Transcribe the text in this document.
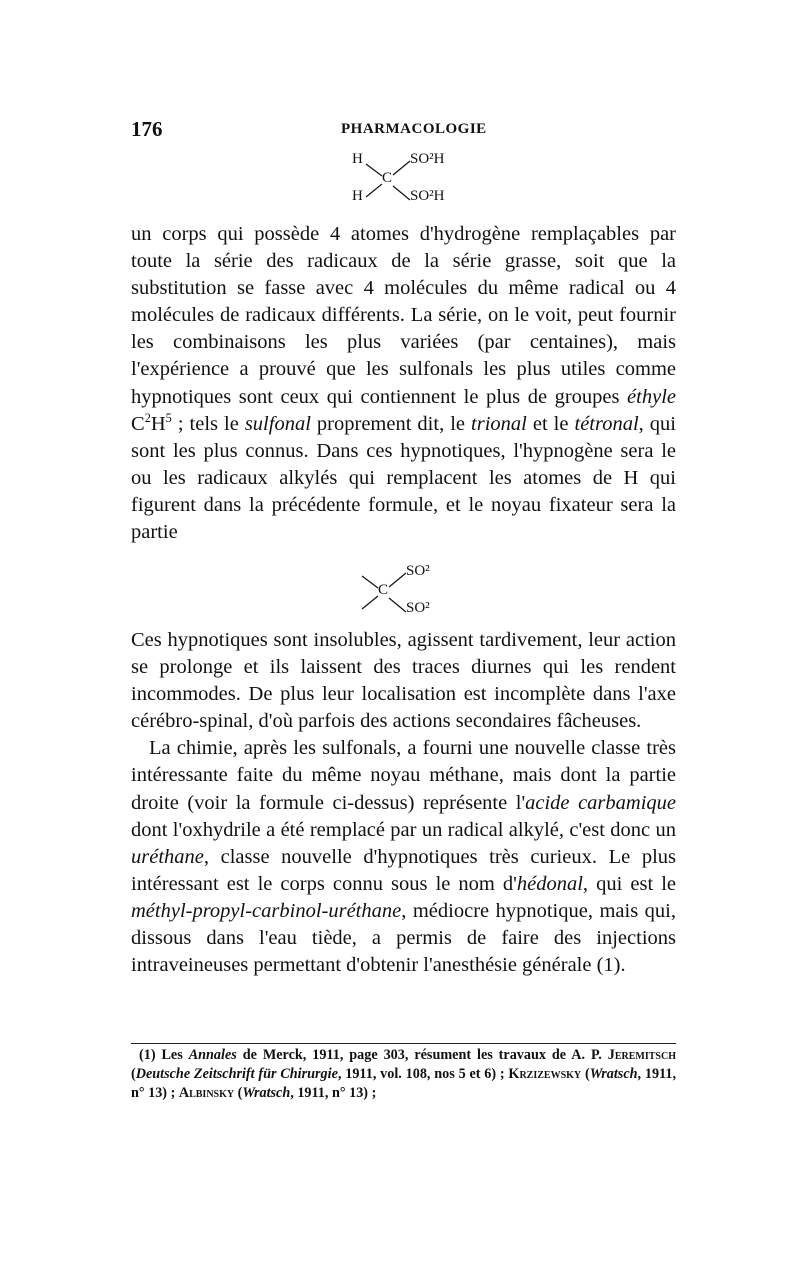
176	PHARMACOLOGIE
H
H
C
SO²H
SO²H

un corps qui possède 4 atomes d'hydrogène remplaçables par toute la série des radicaux de la série grasse, soit que la substitution se fasse avec 4 molécules du même radical ou 4 molécules de radicaux différents. La série, on le voit, peut fournir les combinaisons les plus variées (par centaines), mais l'expérience a prouvé que les sulfonals les plus utiles comme hypnotiques sont ceux qui contiennent le plus de groupes éthyle $C^2H^5$ ; tels le sulfonal proprement dit, le trional et le tétronal, qui sont les plus connus. Dans ces hypnotiques, l'hypnogène sera le ou les radicaux alkylés qui remplacent les atomes de H qui figurent dans la précédente formule, et le noyau fixateur sera la partie

C
SO²
SO²

Ces hypnotiques sont insolubles, agissent tardivement, leur action se prolonge et ils laissent des traces diurnes qui les rendent incommodes. De plus leur localisation est incomplète dans l'axe cérébro-spinal, d'où parfois des actions secondaires fâcheuses.

La chimie, après les sulfonals, a fourni une nouvelle classe très intéressante faite du même noyau méthane, mais dont la partie droite (voir la formule ci-dessus) représente l'acide carbamique dont l'oxhydrile a été remplacé par un radical alkylé, c'est donc un uréthane, classe nouvelle d'hypnotiques très curieux. Le plus intéressant est le corps connu sous le nom d'hédonal, qui est le méthyl-propyl-carbinol-uréthane, médiocre hypnotique, mais qui, dissous dans l'eau tiède, a permis de faire des injections intraveineuses permettant d'obtenir l'anesthésie générale (1).

(1) Les Annales de Merck, 1911, page 303, résument les travaux de A. P. Jeremitsch (Deutsche Zeitschrift für Chirurgie, 1911, vol. 108, nos 5 et 6) ; Krzizewsky (Wratsch, 1911, n° 13) ; Albinsky (Wratsch, 1911, n° 13) ;
